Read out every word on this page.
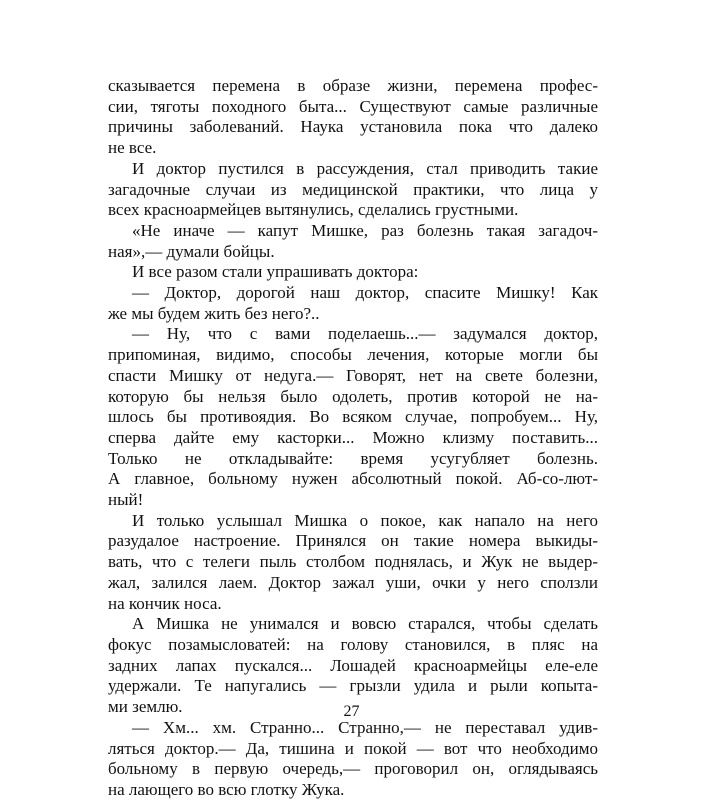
сказывается перемена в образе жизни, перемена профес-
сии, тяготы походного быта... Существуют самые различные
причины заболеваний. Наука установила пока что далеко
не все.

И доктор пустился в рассуждения, стал приводить такие
загадочные случаи из медицинской практики, что лица у
всех красноармейцев вытянулись, сделались грустными.

«Не иначе — капут Мишке, раз болезнь такая загадоч-
ная»,— думали бойцы.

И все разом стали упрашивать доктора:

— Доктор, дорогой наш доктор, спасите Мишку! Как
же мы будем жить без него?..

— Ну, что с вами поделаешь...— задумался доктор,
припоминая, видимо, способы лечения, которые могли бы
спасти Мишку от недуга.— Говорят, нет на свете болезни,
которую бы нельзя было одолеть, против которой не на-
шлось бы противоядия. Во всяком случае, попробуем... Ну,
сперва дайте ему касторки... Можно клизму поставить...
Только не откладывайте: время усугубляет болезнь.
А главное, больному нужен абсолютный покой. Аб-со-лют-
ный!

И только услышал Мишка о покое, как напало на него
разудалое настроение. Принялся он такие номера выкиды-
вать, что с телеги пыль столбом поднялась, и Жук не выдер-
жал, залился лаем. Доктор зажал уши, очки у него сползли
на кончик носа.

А Мишка не унимался и вовсю старался, чтобы сделать
фокус позамысловатей: на голову становился, в пляс на
задних лапах пускался... Лошадей красноармейцы еле-еле
удержали. Те напугались — грызли удила и рыли копыта-
ми землю.

— Хм... хм. Странно... Странно,— не переставал удив-
ляться доктор.— Да, тишина и покой — вот что необходимо
больному в первую очередь,— проговорил он, оглядываясь
на лающего во всю глотку Жука.

27
